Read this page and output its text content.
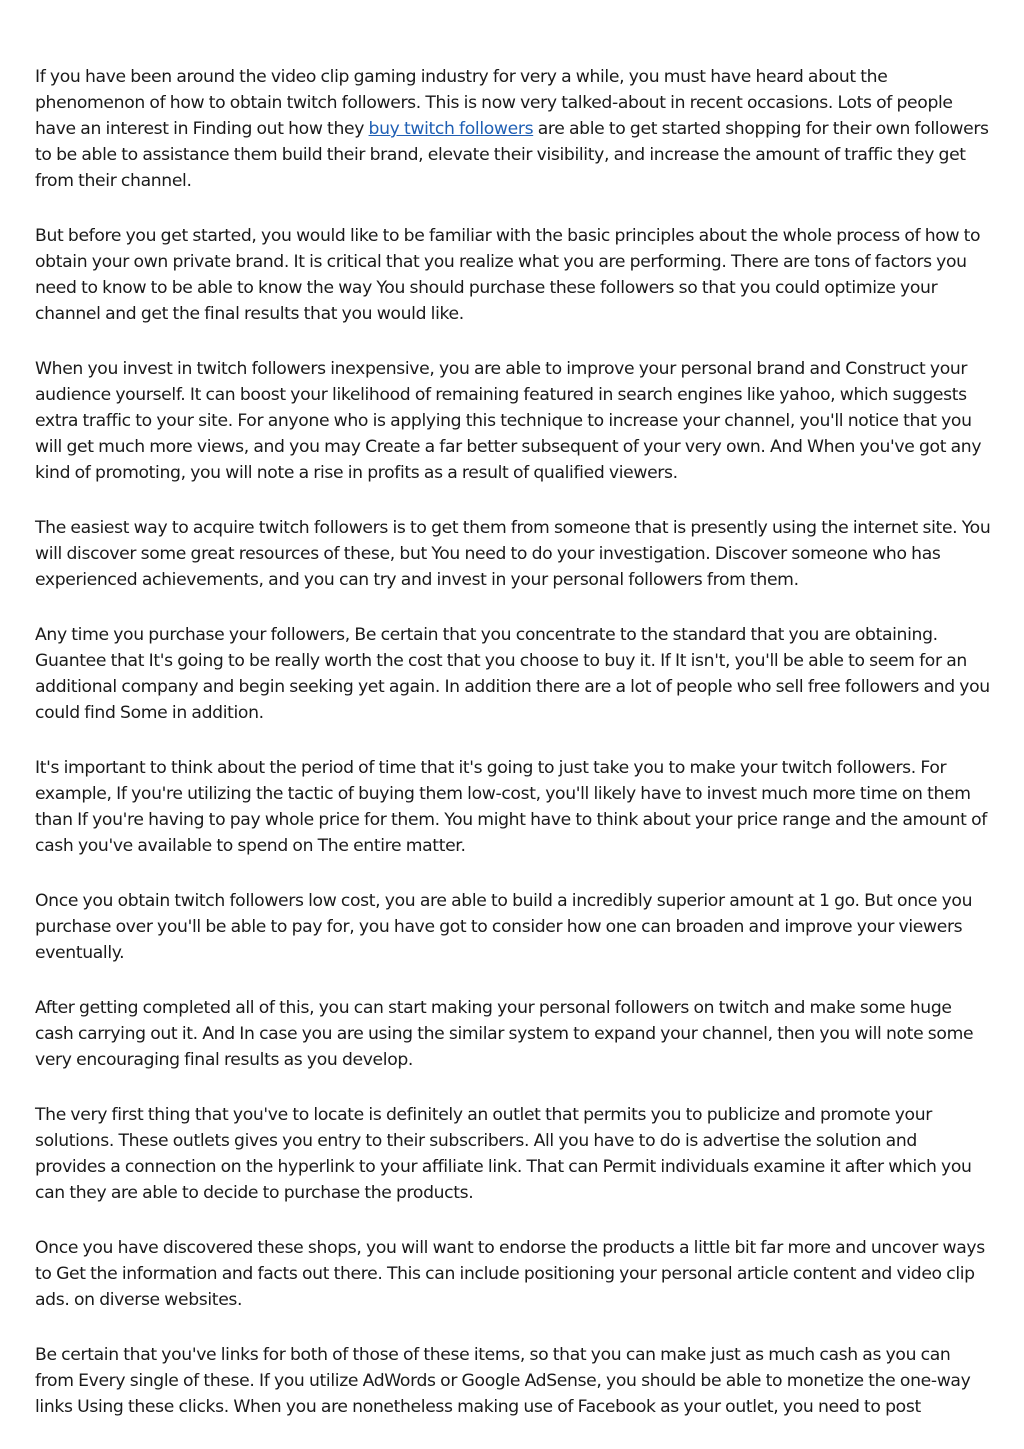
If you have been around the video clip gaming industry for very a while, you must have heard about the phenomenon of how to obtain twitch followers. This is now very talked-about in recent occasions. Lots of people have an interest in Finding out how they buy twitch followers are able to get started shopping for their own followers to be able to assistance them build their brand, elevate their visibility, and increase the amount of traffic they get from their channel.

But before you get started, you would like to be familiar with the basic principles about the whole process of how to obtain your own private brand. It is critical that you realize what you are performing. There are tons of factors you need to know to be able to know the way You should purchase these followers so that you could optimize your channel and get the final results that you would like.

When you invest in twitch followers inexpensive, you are able to improve your personal brand and Construct your audience yourself. It can boost your likelihood of remaining featured in search engines like yahoo, which suggests extra traffic to your site. For anyone who is applying this technique to increase your channel, you'll notice that you will get much more views, and you may Create a far better subsequent of your very own. And When you've got any kind of promoting, you will note a rise in profits as a result of qualified viewers.

The easiest way to acquire twitch followers is to get them from someone that is presently using the internet site. You will discover some great resources of these, but You need to do your investigation. Discover someone who has experienced achievements, and you can try and invest in your personal followers from them.

Any time you purchase your followers, Be certain that you concentrate to the standard that you are obtaining. Guantee that It's going to be really worth the cost that you choose to buy it. If It isn't, you'll be able to seem for an additional company and begin seeking yet again. In addition there are a lot of people who sell free followers and you could find Some in addition.

It's important to think about the period of time that it's going to just take you to make your twitch followers. For example, If you're utilizing the tactic of buying them low-cost, you'll likely have to invest much more time on them than If you're having to pay whole price for them. You might have to think about your price range and the amount of cash you've available to spend on The entire matter.

Once you obtain twitch followers low cost, you are able to build a incredibly superior amount at 1 go. But once you purchase over you'll be able to pay for, you have got to consider how one can broaden and improve your viewers eventually.

After getting completed all of this, you can start making your personal followers on twitch and make some huge cash carrying out it. And In case you are using the similar system to expand your channel, then you will note some very encouraging final results as you develop.

The very first thing that you've to locate is definitely an outlet that permits you to publicize and promote your solutions. These outlets gives you entry to their subscribers. All you have to do is advertise the solution and provides a connection on the hyperlink to your affiliate link. That can Permit individuals examine it after which you can they are able to decide to purchase the products.

Once you have discovered these shops, you will want to endorse the products a little bit far more and uncover ways to Get the information and facts out there. This can include positioning your personal article content and video clip ads. on diverse websites.

Be certain that you've links for both of those of these items, so that you can make just as much cash as you can from Every single of these. If you utilize AdWords or Google AdSense, you should be able to monetize the one-way links Using these clicks. When you are nonetheless making use of Facebook as your outlet, you need to post
